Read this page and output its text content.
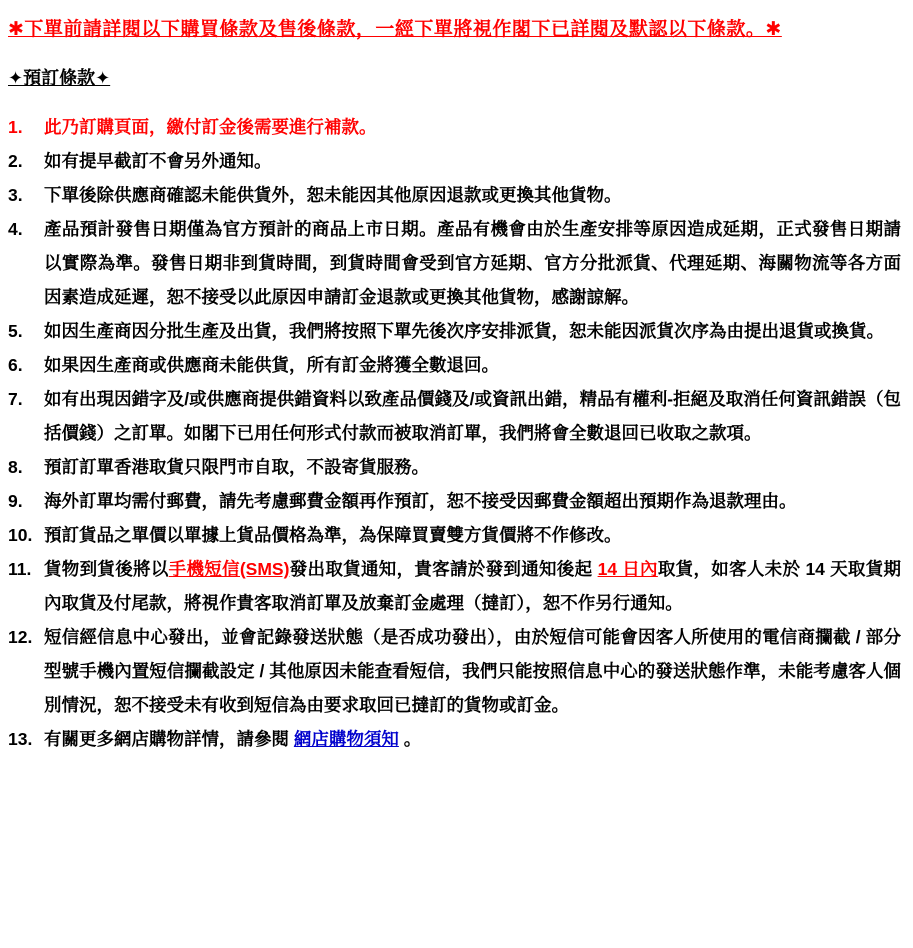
✱下單前請詳閱以下購買條款及售後條款，一經下單將視作閣下已詳閱及默認以下條款。✱
✦預訂條款✦
1.	此乃訂購頁面，繳付訂金後需要進行補款。
2.	如有提早截訂不會另外通知。
3.	下單後除供應商確認未能供貨外，恕未能因其他原因退款或更換其他貨物。
4.	產品預計發售日期僅為官方預計的商品上市日期。產品有機會由於生產安排等原因造成延期，正式發售日期請以實際為準。發售日期非到貨時間，到貨時間會受到官方延期、官方分批派貨、代理延期、海關物流等各方面因素造成延遲，恕不接受以此原因申請訂金退款或更換其他貨物，感謝諒解。
5.	如因生產商因分批生產及出貨，我們將按照下單先後次序安排派貨，恕未能因派貨次序為由提出退貨或換貨。
6.	如果因生產商或供應商未能供貨，所有訂金將獲全數退回。
7.	如有出現因錯字及/或供應商提供錯資料以致產品價錢及/或資訊出錯，精品有權利-拒絕及取消任何資訊錯誤（包括價錢）之訂單。如閣下已用任何形式付款而被取消訂單，我們將會全數退回已收取之款項。
8.	預訂訂單香港取貨只限門市自取，不設寄貨服務。
9.	海外訂單均需付郵費，請先考慮郵費金額再作預訂，恕不接受因郵費金額超出預期作為退款理由。
10. 預訂貨品之單價以單據上貨品價格為準，為保障買賣雙方貨價將不作修改。
11. 貨物到貨後將以手機短信(SMS)發出取貨通知，貴客請於發到通知後起 14 日內取貨，如客人未於 14 天取貨期內取貨及付尾款，將視作貴客取消訂單及放棄訂金處理（撻訂），恕不作另行通知。
12. 短信經信息中心發出，並會記錄發送狀態（是否成功發出），由於短信可能會因客人所使用的電信商攔截 / 部分型號手機內置短信攔截設定 / 其他原因未能查看短信，我們只能按照信息中心的發送狀態作準，未能考慮客人個別情況，恕不接受未有收到短信為由要求取回已撻訂的貨物或訂金。
13. 有關更多網店購物詳情，請參閱 網店購物須知 。
